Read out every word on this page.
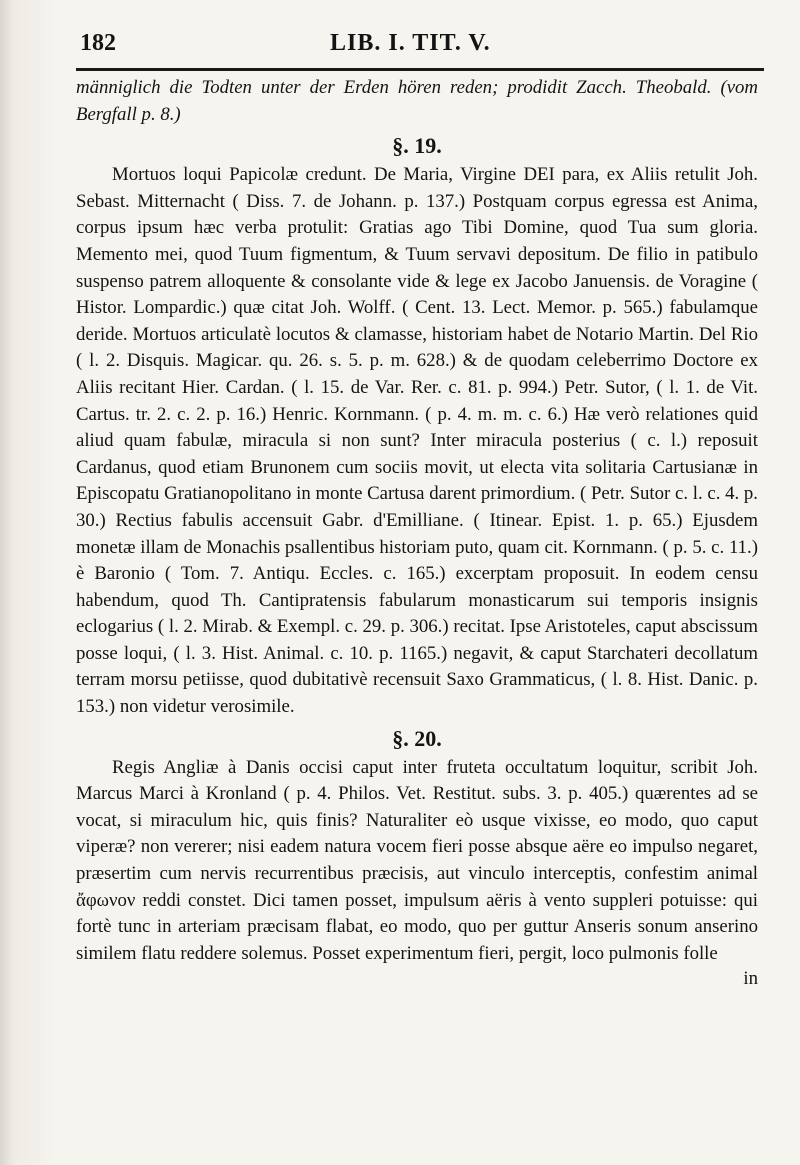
182	LIB. I. TIT. V.

männiglich die Todten unter der Erden hören reden; prodidit Zacch. Theobald. (vom Bergfall p. 8.)

§. 19.

Mortuos loqui Papicolæ credunt. De Maria, Virgine DEI para, ex Aliis retulit Joh. Sebast. Mitternacht ( Diss. 7. de Johann. p. 137.) Postquam corpus egressa est Anima, corpus ipsum hæc verba protulit: Gratias ago Tibi Domine, quod Tua sum gloria. Memento mei, quod Tuum figmentum, & Tuum servavi depositum. De filio in patibulo suspenso patrem alloquente & consolante vide & lege ex Jacobo Januensis. de Voragine ( Histor. Lompardic.) quæ citat Joh. Wolff. ( Cent. 13. Lect. Memor. p. 565.) fabulamque deride. Mortuos articulatè locutos & clamasse, historiam habet de Notario Martin. Del Rio ( l. 2. Disquis. Magicar. qu. 26. s. 5. p. m. 628.) & de quodam celeberrimo Doctore ex Aliis recitant Hier. Cardan. ( l. 15. de Var. Rer. c. 81. p. 994.) Petr. Sutor, ( l. 1. de Vit. Cartus. tr. 2. c. 2. p. 16.) Henric. Kornmann. ( p. 4. m. m. c. 6.) Hæ verò relationes quid aliud quam fabulæ, miracula si non sunt? Inter miracula posterius ( c. l.) reposuit Cardanus, quod etiam Brunonem cum sociis movit, ut electa vita solitaria Cartusianæ in Episcopatu Gratianopolitano in monte Cartusa darent primordium. ( Petr. Sutor c. l. c. 4. p. 30.) Rectius fabulis accensuit Gabr. d'Emilliane. ( Itinear. Epist. 1. p. 65.) Ejusdem monetæ illam de Monachis psallentibus historiam puto, quam cit. Kornmann. ( p. 5. c. 11.) è Baronio ( Tom. 7. Antiqu. Eccles. c. 165.) excerptam proposuit. In eodem censu habendum, quod Th. Cantipratensis fabularum monasticarum sui temporis insignis eclogarius ( l. 2. Mirab. & Exempl. c. 29. p. 306.) recitat. Ipse Aristoteles, caput abscissum posse loqui, ( l. 3. Hist. Animal. c. 10. p. 1165.) negavit, & caput Starchateri decollatum terram morsu petiisse, quod dubitativè recensuit Saxo Grammaticus, ( l. 8. Hist. Danic. p. 153.) non videtur verosimile.

§. 20.

Regis Angliæ à Danis occisi caput inter fruteta occultatum loquitur, scribit Joh. Marcus Marci à Kronland ( p. 4. Philos. Vet. Restitut. subs. 3. p. 405.) quærentes ad se vocat, si miraculum hic, quis finis? Naturaliter eò usque vixisse, eo modo, quo caput viperæ? non vererer; nisi eadem natura vocem fieri posse absque aëre eo impulso negaret, præsertim cum nervis recurrentibus præcisis, aut vinculo interceptis, confestim animal ἄφωνον reddi constet. Dici tamen posset, impulsum aëris à vento suppleri potuisse: qui fortè tunc in arteriam præcisam flabat, eo modo, quo per guttur Anseris sonum anserino similem flatu reddere solemus. Posset experimentum fieri, pergit, loco pulmonis folle

in
